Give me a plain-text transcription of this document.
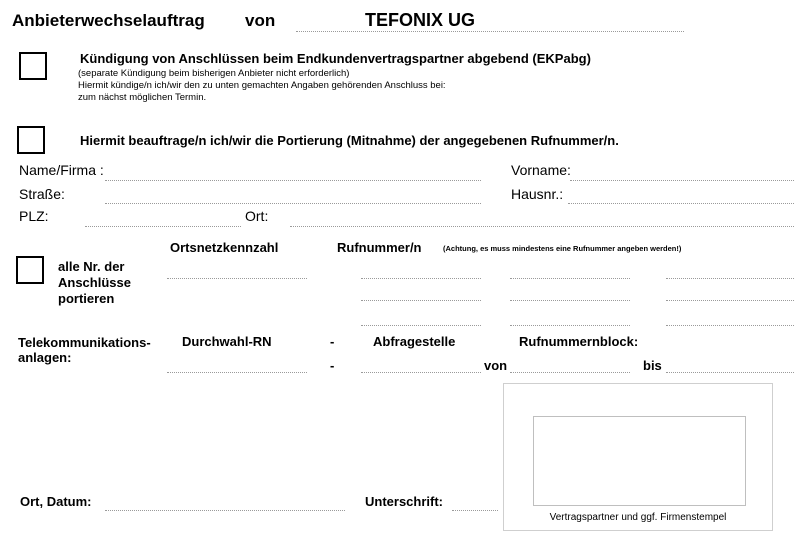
Anbieterwechselauftrag von	TEFONIX UG
Kündigung von Anschlüssen beim Endkundenvertragspartner abgebend (EKPabg)
(separate Kündigung beim bisherigen Anbieter nicht erforderlich)
Hiermit kündige/n ich/wir den zu unten gemachten Angaben gehörenden Anschluss bei:
zum nächst möglichen Termin.
Hiermit beauftrage/n ich/wir die Portierung (Mitnahme) der angegebenen Rufnummer/n.
Name/Firma :	Vorname:
Straße:	Hausnr.:
PLZ:	Ort:
Ortsnetzkennzahl	Rufnummer/n	(Achtung, es muss mindestens eine Rufnummer angeben werden!)
alle Nr. der
Anschlüsse
portieren
Telekommunikations-
anlagen:
Durchwahl-RN	-	Abfragestelle	Rufnummernblock:
-	von	bis
Ort, Datum:	Unterschrift:
Vertragspartner und ggf. Firmenstempel
